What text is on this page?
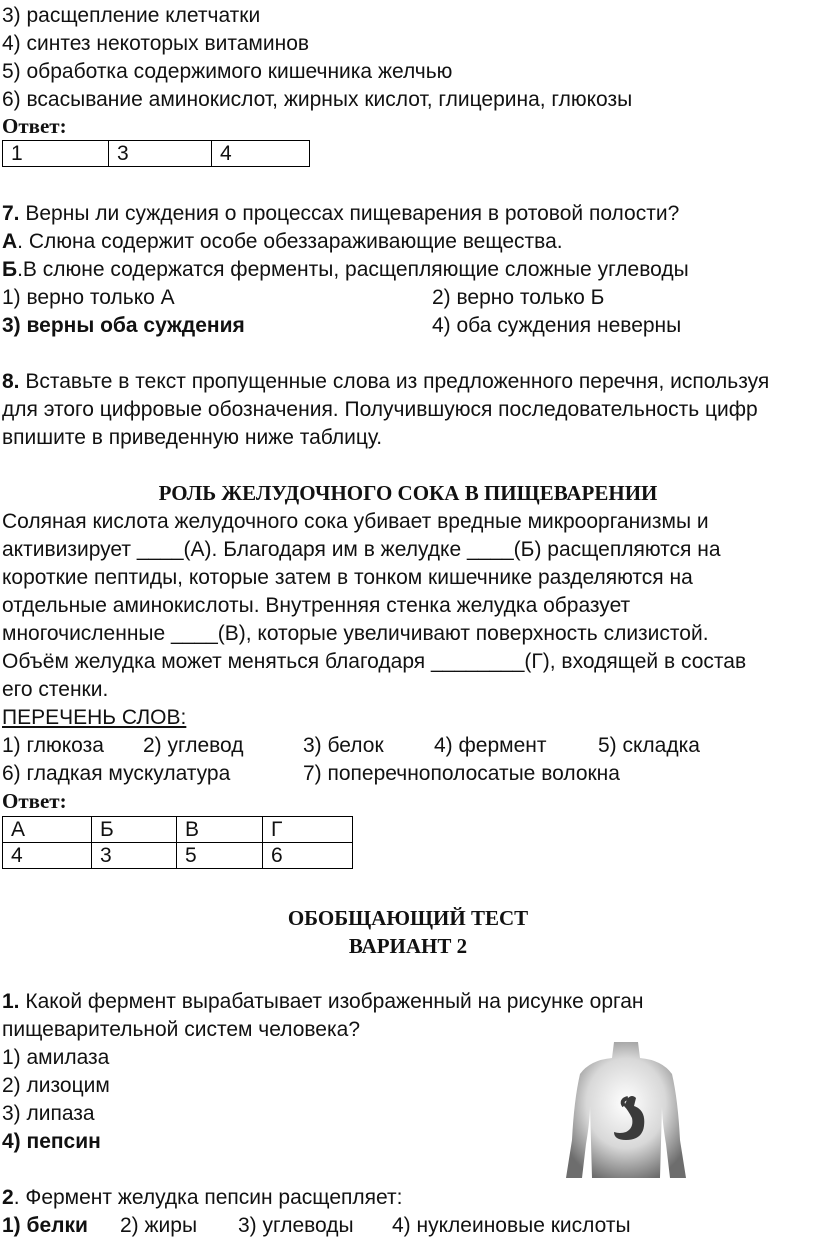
3) расщепление клетчатки
4) синтез некоторых витаминов
5) обработка содержимого кишечника желчью
6) всасывание аминокислот, жирных кислот, глицерина, глюкозы
Ответ:
1	3	4
7. Верны ли суждения о процессах пищеварения в ротовой полости?
А. Слюна содержит особе обеззараживающие вещества.
Б.В слюне содержатся ферменты, расщепляющие сложные углеводы
1) верно только А	2) верно только Б
3) верны оба суждения	4) оба суждения неверны
8. Вставьте в текст пропущенные слова из предложенного перечня, используя
для этого цифровые обозначения. Получившуюся последовательность цифр
впишите в приведенную ниже таблицу.
РОЛЬ ЖЕЛУДОЧНОГО СОКА В ПИЩЕВАРЕНИИ
Соляная кислота желудочного сока убивает вредные микроорганизмы и
активизирует ____(А). Благодаря им в желудке ____(Б) расщепляются на
короткие пептиды, которые затем в тонком кишечнике разделяются на
отдельные аминокислоты. Внутренняя стенка желудка образует
многочисленные ____(В), которые увеличивают поверхность слизистой.
Объём желудка может меняться благодаря ________(Г), входящей в состав
его стенки.
ПЕРЕЧЕНЬ СЛОВ:
1) глюкоза 2) углевод	3) белок 4) фермент 5) складка
6) гладкая мускулатура	7) поперечнополосатые волокна
Ответ:
А	Б	В	Г
4	3	5	6
ОБОБЩАЮЩИЙ ТЕСТ
ВАРИАНТ 2
1. Какой фермент вырабатывает изображенный на рисунке орган
пищеварительной систем человека?
1) амилаза
2) лизоцим
3) липаза
4) пепсин
2. Фермент желудка пепсин расщепляет:
1) белки 2) жиры 3) углеводы 4) нуклеиновые кислоты
